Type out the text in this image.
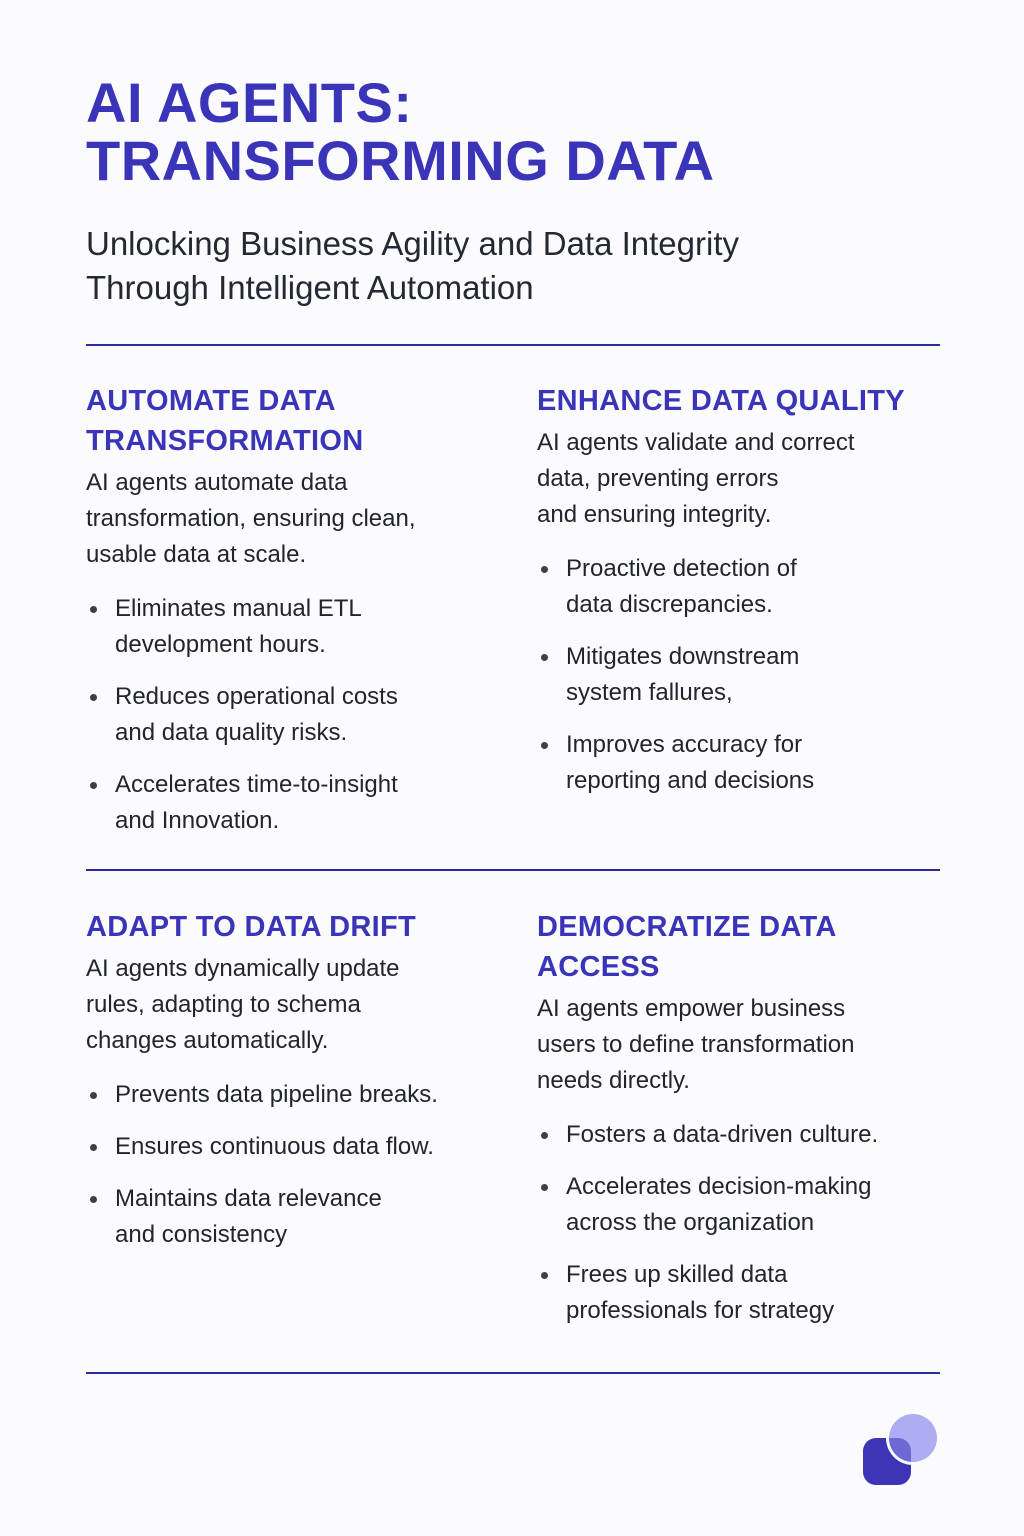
AI AGENTS:
TRANSFORMING DATA
Unlocking Business Agility and Data Integrity
Through Intelligent Automation
AUTOMATE DATA
TRANSFORMATION

AI agents automate data
transformation, ensuring clean,
usable data at scale.

Eliminates manual ETL
development hours.
Reduces operational costs
and data quality risks.
Accelerates time-to-insight
and Innovation.
ENHANCE DATA QUALITY

AI agents validate and correct
data, preventing errors
and ensuring integrity.

Proactive detection of
data discrepancies.
Mitigates downstream
system fallures,
Improves accuracy for
reporting and decisions
ADAPT TO DATA DRIFT

AI agents dynamically update
rules, adapting to schema
changes automatically.

Prevents data pipeline breaks.
Ensures continuous data flow.
Maintains data relevance
and consistency
DEMOCRATIZE DATA
ACCESS

AI agents empower business
users to define transformation
needs directly.

Fosters a data-driven culture.
Accelerates decision-making
across the organization
Frees up skilled data
professionals for strategy
